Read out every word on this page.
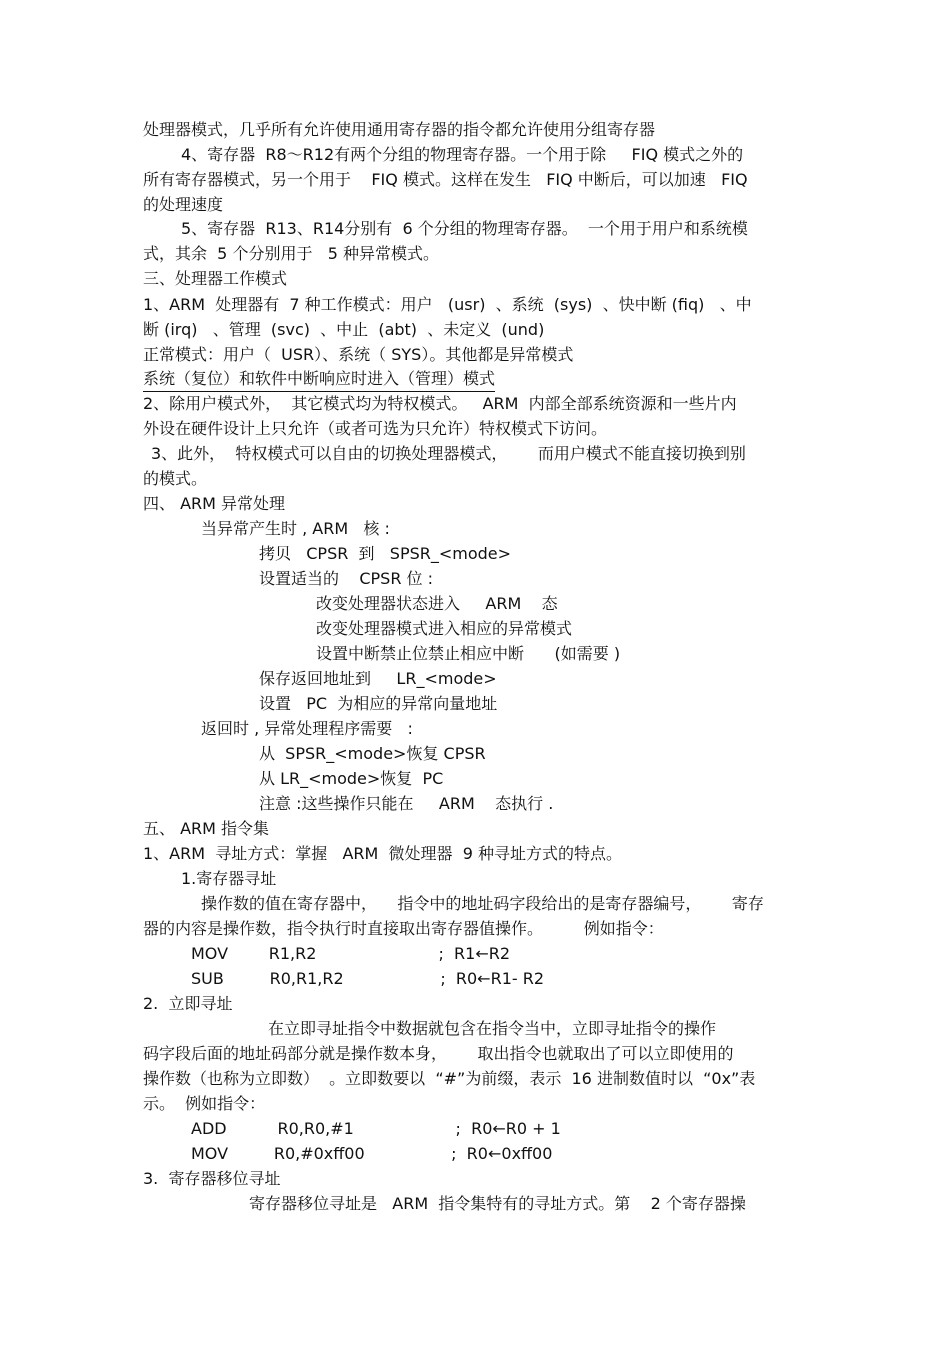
处理器模式，几乎所有允许使用通用寄存器的指令都允许使用分组寄存器

4、寄存器  R8～R12有两个分组的物理寄存器。一个用于除     FIQ 模式之外的

所有寄存器模式，另一个用于    FIQ 模式。这样在发生   FIQ 中断后，可以加速   FIQ

的处理速度

5、寄存器  R13、R14分别有  6 个分组的物理寄存器。  一个用于用户和系统模

式，其余  5 个分别用于   5 种异常模式。

三、处理器工作模式

1、ARM  处理器有  7 种工作模式：用户   (usr)  、系统  (sys)  、快中断 (fiq)   、中

断 (irq)   、管理  (svc)  、中止  (abt)  、未定义  (und)

正常模式：用户（  USR）、系统（ SYS）。其他都是异常模式

系统（复位）和软件中断响应时进入（管理）模式

2、除用户模式外，  其它模式均为特权模式。   ARM  内部全部系统资源和一些片内

外设在硬件设计上只允许（或者可选为只允许）特权模式下访问。

3、此外，  特权模式可以自由的切换处理器模式，      而用户模式不能直接切换到别

的模式。

四、 ARM 异常处理

当异常产生时 , ARM   核 :

拷贝   CPSR  到   SPSR_<mode>

设置适当的    CPSR 位 :

改变处理器状态进入     ARM    态

改变处理器模式进入相应的异常模式

设置中断禁止位禁止相应中断      (如需要 )

保存返回地址到     LR_<mode>

设置   PC  为相应的异常向量地址

返回时 , 异常处理程序需要   :

从  SPSR_<mode>恢复 CPSR

从 LR_<mode>恢复  PC

注意 :这些操作只能在     ARM    态执行 .

五、 ARM 指令集

1、ARM  寻址方式：掌握   ARM  微处理器  9 种寻址方式的特点。

1.寄存器寻址

操作数的值在寄存器中，    指令中的地址码字段给出的是寄存器编号，      寄存

器的内容是操作数，指令执行时直接取出寄存器值操作。        例如指令：

MOV        R1,R2                        ;  R1←R2

SUB         R0,R1,R2                   ;  R0←R1- R2

2.  立即寻址

在立即寻址指令中数据就包含在指令当中，立即寻址指令的操作

码字段后面的地址码部分就是操作数本身，      取出指令也就取出了可以立即使用的

操作数（也称为立即数）  。立即数要以  “#”为前缀，表示  16 进制数值时以  “0x”表

示。  例如指令：

ADD          R0,R0,#1                    ;  R0←R0 + 1

MOV         R0,#0xff00                 ;  R0←0xff00

3.  寄存器移位寻址

寄存器移位寻址是   ARM  指令集特有的寻址方式。第    2 个寄存器操
